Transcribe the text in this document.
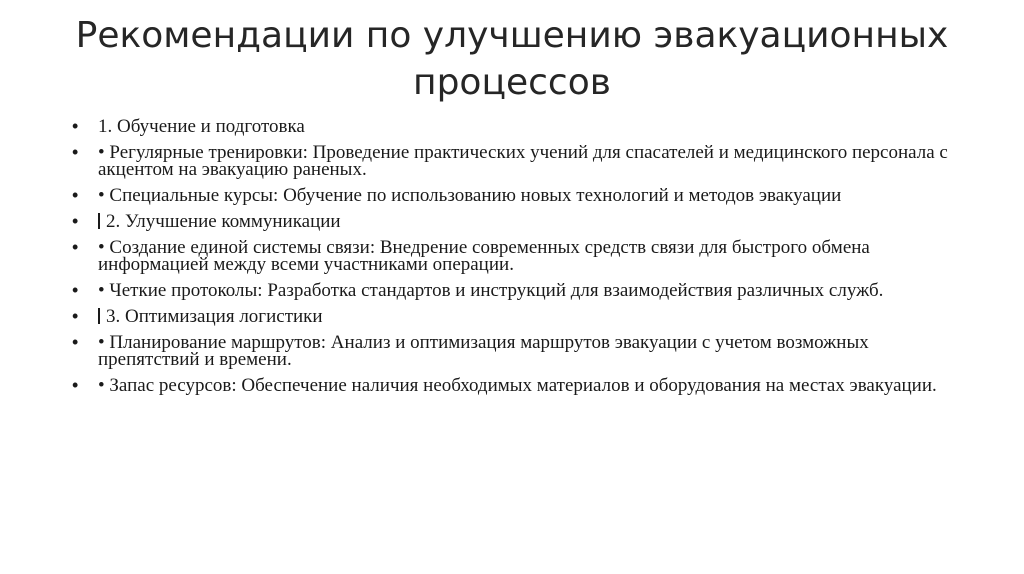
Рекомендации по улучшению эвакуационных процессов
• 1. Обучение и подготовка
• • Регулярные тренировки: Проведение практических учений для спасателей и медицинского персонала с акцентом на эвакуацию раненых.
• • Специальные курсы: Обучение по использованию новых технологий и методов эвакуации
• 2. Улучшение коммуникации
• • Создание единой системы связи: Внедрение современных средств связи для быстрого обмена информацией между всеми участниками операции.
• • Четкие протоколы: Разработка стандартов и инструкций для взаимодействия различных служб.
• 3. Оптимизация логистики
• • Планирование маршрутов: Анализ и оптимизация маршрутов эвакуации с учетом возможных препятствий и времени.
• • Запас ресурсов: Обеспечение наличия необходимых материалов и оборудования на местах эвакуации.
